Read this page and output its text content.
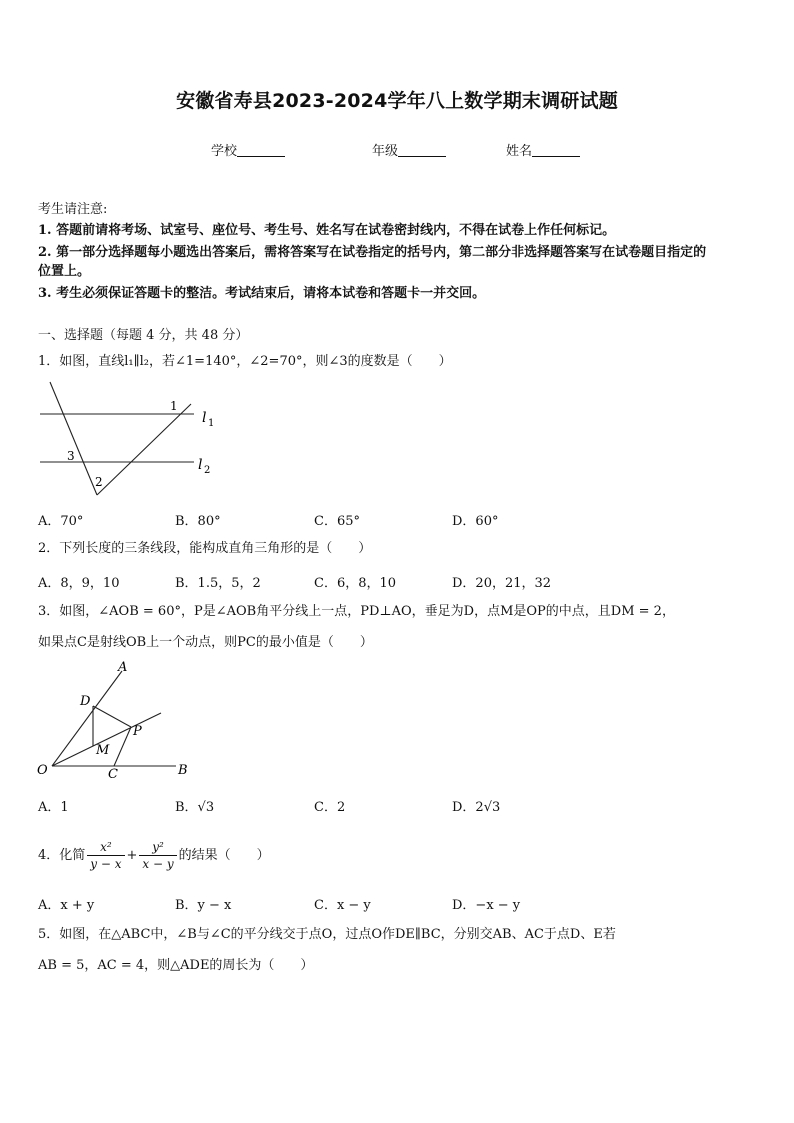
安徽省寿县2023-2024学年八上数学期末调研试题
学校	年级	姓名
考生请注意:
1. 答题前请将考场、试室号、座位号、考生号、姓名写在试卷密封线内，不得在试卷上作任何标记。
2. 第一部分选择题每小题选出答案后，需将答案写在试卷指定的括号内，第二部分非选择题答案写在试卷题目指定的
位置上。
3. 考生必须保证答题卡的整洁。考试结束后，请将本试卷和答题卡一并交回。
一、选择题（每题 4 分，共 48 分）
1．如图，直线l₁∥l₂，若∠1=140°，∠2=70°，则∠3的度数是（　　）
1
2
3
l 1
l 2
A．70°	B．80°	C．65°	D．60°
2．下列长度的三条线段，能构成直角三角形的是（　　）
A．8，9，10	B．1.5，5，2	C．6，8，10	D．20，21，32
3．如图，∠AOB = 60°，P是∠AOB角平分线上一点，PD⊥AO，垂足为D，点M是OP的中点，且DM = 2，
如果点C是射线OB上一个动点，则PC的最小值是（　　）
A
D
P
M
O	C	B
A．1	B．√3	C．2	D．2√3
4．化简 $\frac{\text{x²}}{y - x} + \frac{\text{y²}}{x - y}$ 的结果（　　）
A．x + y	B．y − x	C．x − y	D．−x − y
5．如图，在△ABC中，∠B与∠C的平分线交于点O，过点O作DE∥BC，分别交AB、AC于点D、E若
AB = 5，AC = 4，则△ADE的周长为（　　）
